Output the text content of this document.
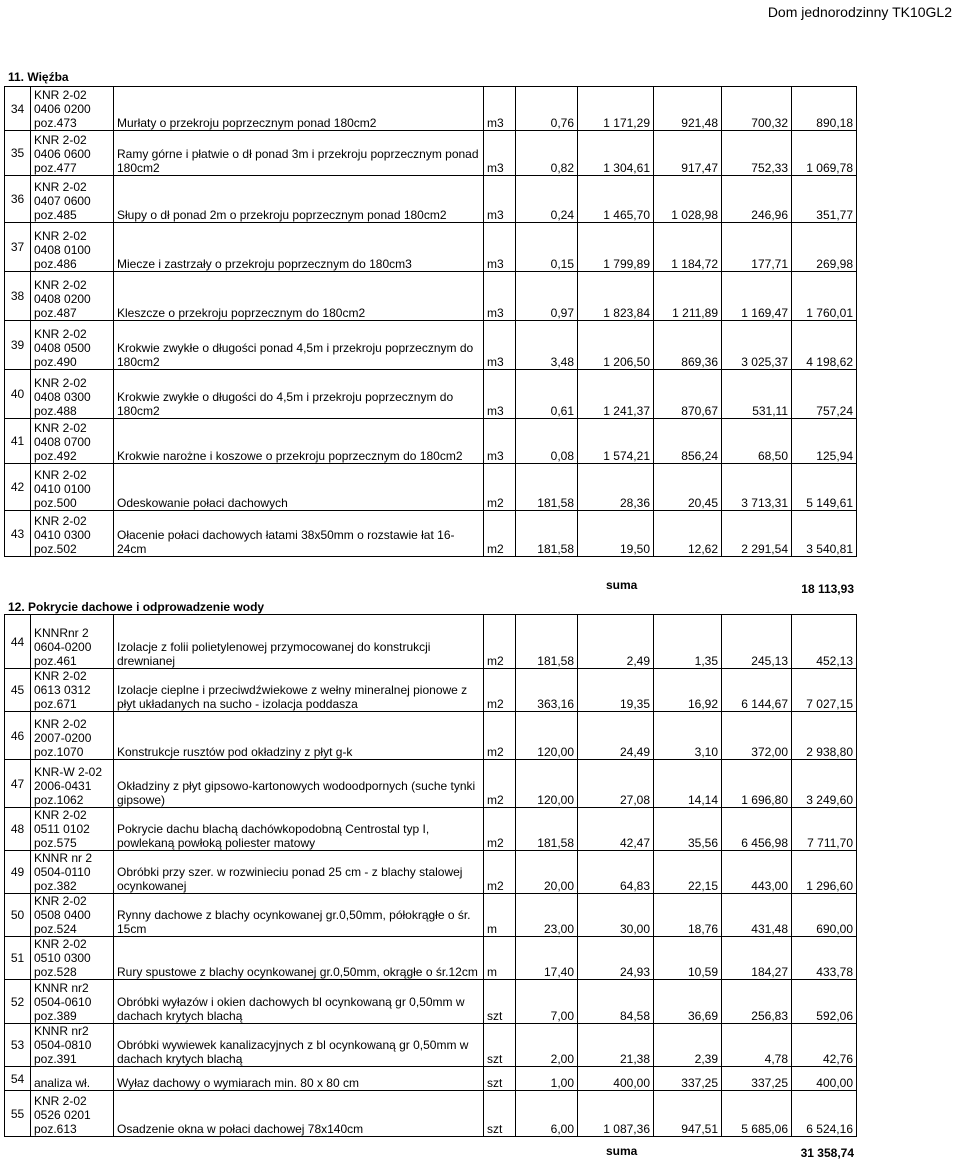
Dom jednorodzinny TK10GL2
11. Więźba
34	KNR 2-02 0406 0200 poz.473	Murłaty o przekroju poprzecznym ponad 180cm2	m3	0,76	1 171,29	921,48	700,32	890,18
35	KNR 2-02 0406 0600 poz.477	Ramy górne i płatwie o dł ponad 3m i przekroju poprzecznym ponad 180cm2	m3	0,82	1 304,61	917,47	752,33	1 069,78
36	KNR 2-02 0407 0600 poz.485	Słupy o dł ponad 2m o przekroju poprzecznym ponad 180cm2	m3	0,24	1 465,70	1 028,98	246,96	351,77
37	KNR 2-02 0408 0100 poz.486	Miecze i zastrzały o przekroju poprzecznym do 180cm3	m3	0,15	1 799,89	1 184,72	177,71	269,98
38	KNR 2-02 0408 0200 poz.487	Kleszcze o przekroju poprzecznym do 180cm2	m3	0,97	1 823,84	1 211,89	1 169,47	1 760,01
39	KNR 2-02 0408 0500 poz.490	Krokwie zwykłe o długości ponad 4,5m i przekroju poprzecznym do 180cm2	m3	3,48	1 206,50	869,36	3 025,37	4 198,62
40	KNR 2-02 0408 0300 poz.488	Krokwie zwykłe o długości do 4,5m i przekroju poprzecznym do 180cm2	m3	0,61	1 241,37	870,67	531,11	757,24
41	KNR 2-02 0408 0700 poz.492	Krokwie narożne i koszowe o przekroju poprzecznym do 180cm2	m3	0,08	1 574,21	856,24	68,50	125,94
42	KNR 2-02 0410 0100 poz.500	Odeskowanie połaci dachowych	m2	181,58	28,36	20,45	3 713,31	5 149,61
43	KNR 2-02 0410 0300 poz.502	Ołacenie połaci dachowych łatami 38x50mm o rozstawie łat 16-24cm	m2	181,58	19,50	12,62	2 291,54	3 540,81
suma	18 113,93
12. Pokrycie dachowe i odprowadzenie wody
44	KNNRnr 2 0604-0200 poz.461	Izolacje z folii polietylenowej przymocowanej do konstrukcji drewnianej	m2	181,58	2,49	1,35	245,13	452,13
45	KNR 2-02 0613 0312 poz.671	Izolacje cieplne i przeciwdźwiekowe z wełny mineralnej pionowe z płyt układanych na sucho - izolacja poddasza	m2	363,16	19,35	16,92	6 144,67	7 027,15
46	KNR 2-02 2007-0200 poz.1070	Konstrukcje rusztów pod okładziny z płyt g-k	m2	120,00	24,49	3,10	372,00	2 938,80
47	KNR-W 2-02 2006-0431 poz.1062	Okładziny z płyt gipsowo-kartonowych wodoodpornych (suche tynki gipsowe)	m2	120,00	27,08	14,14	1 696,80	3 249,60
48	KNR 2-02 0511 0102 poz.575	Pokrycie dachu blachą dachówkopodobną Centrostal typ I, powlekaną powłoką poliester matowy	m2	181,58	42,47	35,56	6 456,98	7 711,70
49	KNNR nr 2 0504-0110 poz.382	Obróbki przy szer. w rozwinieciu ponad 25 cm - z blachy stalowej ocynkowanej	m2	20,00	64,83	22,15	443,00	1 296,60
50	KNR 2-02 0508 0400 poz.524	Rynny dachowe z blachy ocynkowanej gr.0,50mm, półokrągłe o śr. 15cm	m	23,00	30,00	18,76	431,48	690,00
51	KNR 2-02 0510 0300 poz.528	Rury spustowe z blachy ocynkowanej gr.0,50mm, okrągłe o śr.12cm	m	17,40	24,93	10,59	184,27	433,78
52	KNNR nr2 0504-0610 poz.389	Obróbki wyłazów i okien dachowych bl ocynkowaną gr 0,50mm w dachach krytych blachą	szt	7,00	84,58	36,69	256,83	592,06
53	KNNR nr2 0504-0810 poz.391	Obróbki wywiewek kanalizacyjnych z bl ocynkowaną gr 0,50mm w dachach krytych blachą	szt	2,00	21,38	2,39	4,78	42,76
54	analiza wł.	Wyłaz dachowy o wymiarach min. 80 x 80 cm	szt	1,00	400,00	337,25	337,25	400,00
55	KNR 2-02 0526 0201 poz.613	Osadzenie okna w połaci dachowej 78x140cm	szt	6,00	1 087,36	947,51	5 685,06	6 524,16
suma	31 358,74
